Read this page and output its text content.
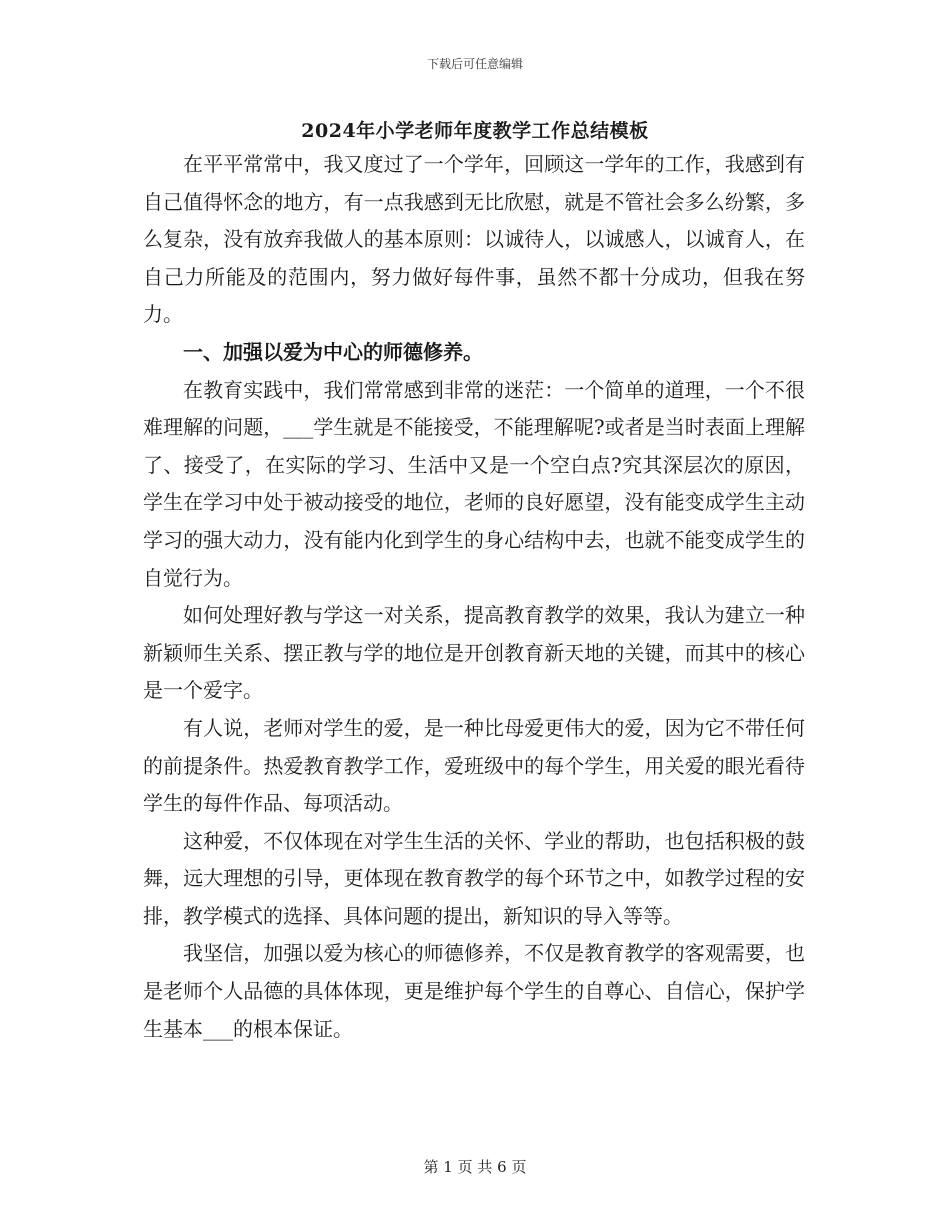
下载后可任意编辑
2024年小学老师年度教学工作总结模板

在平平常常中，我又度过了一个学年，回顾这一学年的工作，我感到有自己值得怀念的地方，有一点我感到无比欣慰，就是不管社会多么纷繁，多么复杂，没有放弃我做人的基本原则：以诚待人，以诚感人，以诚育人，在自己力所能及的范围内，努力做好每件事，虽然不都十分成功，但我在努力。

一、加强以爱为中心的师德修养。

在教育实践中，我们常常感到非常的迷茫：一个简单的道理，一个不很难理解的问题，___学生就是不能接受，不能理解呢?或者是当时表面上理解了、接受了，在实际的学习、生活中又是一个空白点?究其深层次的原因，学生在学习中处于被动接受的地位，老师的良好愿望，没有能变成学生主动学习的强大动力，没有能内化到学生的身心结构中去，也就不能变成学生的自觉行为。

如何处理好教与学这一对关系，提高教育教学的效果，我认为建立一种新颖师生关系、摆正教与学的地位是开创教育新天地的关键，而其中的核心是一个爱字。

有人说，老师对学生的爱，是一种比母爱更伟大的爱，因为它不带任何的前提条件。热爱教育教学工作，爱班级中的每个学生，用关爱的眼光看待学生的每件作品、每项活动。

这种爱，不仅体现在对学生生活的关怀、学业的帮助，也包括积极的鼓舞，远大理想的引导，更体现在教育教学的每个环节之中，如教学过程的安排，教学模式的选择、具体问题的提出，新知识的导入等等。

我坚信，加强以爱为核心的师德修养，不仅是教育教学的客观需要，也是老师个人品德的具体体现，更是维护每个学生的自尊心、自信心，保护学生基本___的根本保证。

第 1 页 共 6 页
